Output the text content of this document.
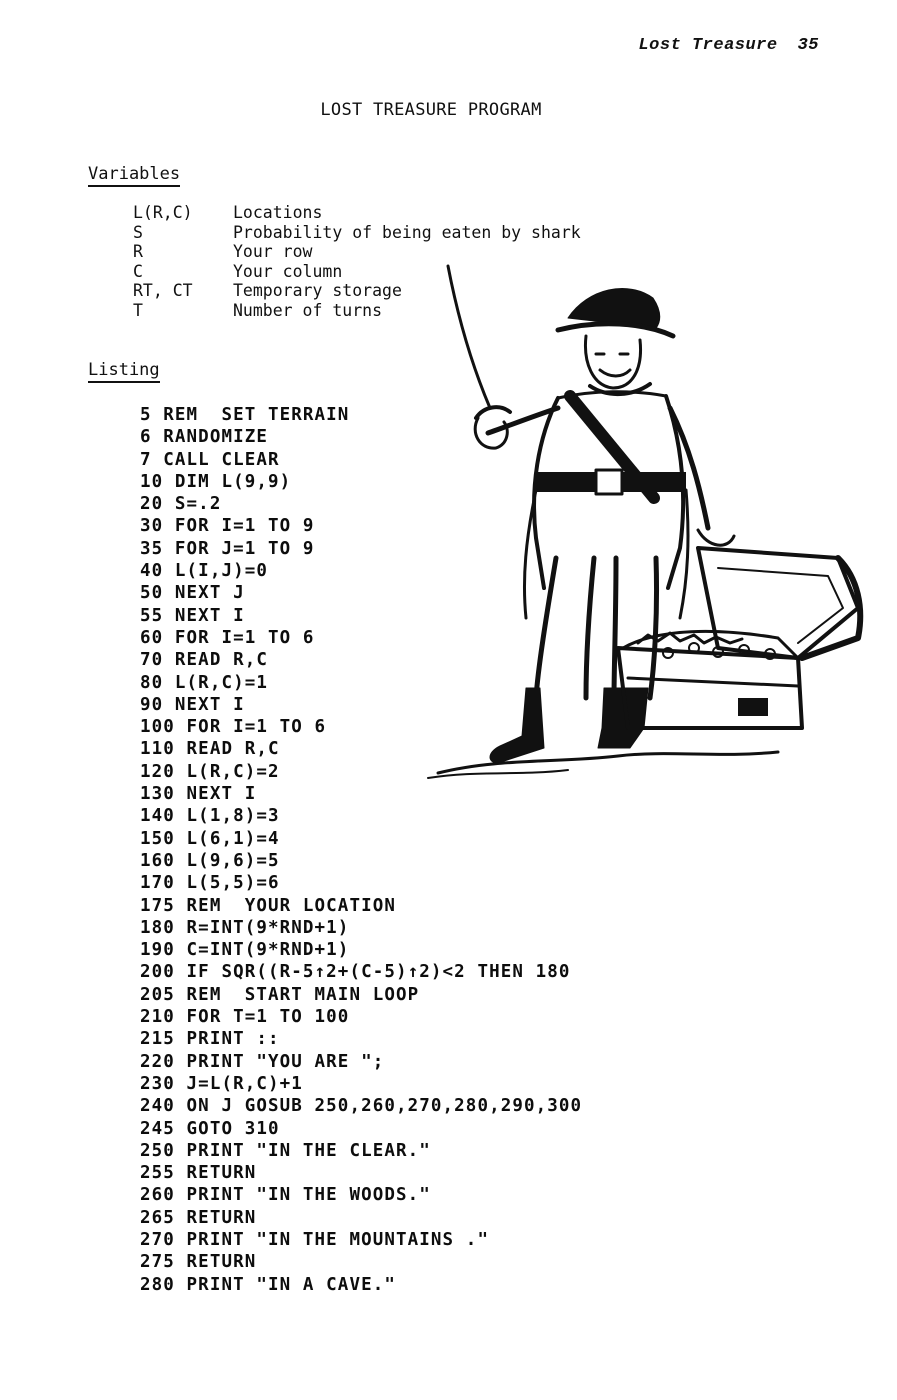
Lost Treasure 35
LOST TREASURE PROGRAM
Variables
L(R,C)	Locations
S	Probability of being eaten by shark
R	Your row
C	Your column
RT, CT	Temporary storage
T	Number of turns
Listing
5 REM  SET TERRAIN
6 RANDOMIZE
7 CALL CLEAR
10 DIM L(9,9)
20 S=.2
30 FOR I=1 TO 9
35 FOR J=1 TO 9
40 L(I,J)=0
50 NEXT J
55 NEXT I
60 FOR I=1 TO 6
70 READ R,C
80 L(R,C)=1
90 NEXT I
100 FOR I=1 TO 6
110 READ R,C
120 L(R,C)=2
130 NEXT I
140 L(1,8)=3
150 L(6,1)=4
160 L(9,6)=5
170 L(5,5)=6
175 REM  YOUR LOCATION
180 R=INT(9*RND+1)
190 C=INT(9*RND+1)
200 IF SQR((R-5↑2+(C-5)↑2)<2 THEN 180
205 REM  START MAIN LOOP
210 FOR T=1 TO 100
215 PRINT ::
220 PRINT "YOU ARE ";
230 J=L(R,C)+1
240 ON J GOSUB 250,260,270,280,290,300
245 GOTO 310
250 PRINT "IN THE CLEAR."
255 RETURN
260 PRINT "IN THE WOODS."
265 RETURN
270 PRINT "IN THE MOUNTAINS ."
275 RETURN
280 PRINT "IN A CAVE."
